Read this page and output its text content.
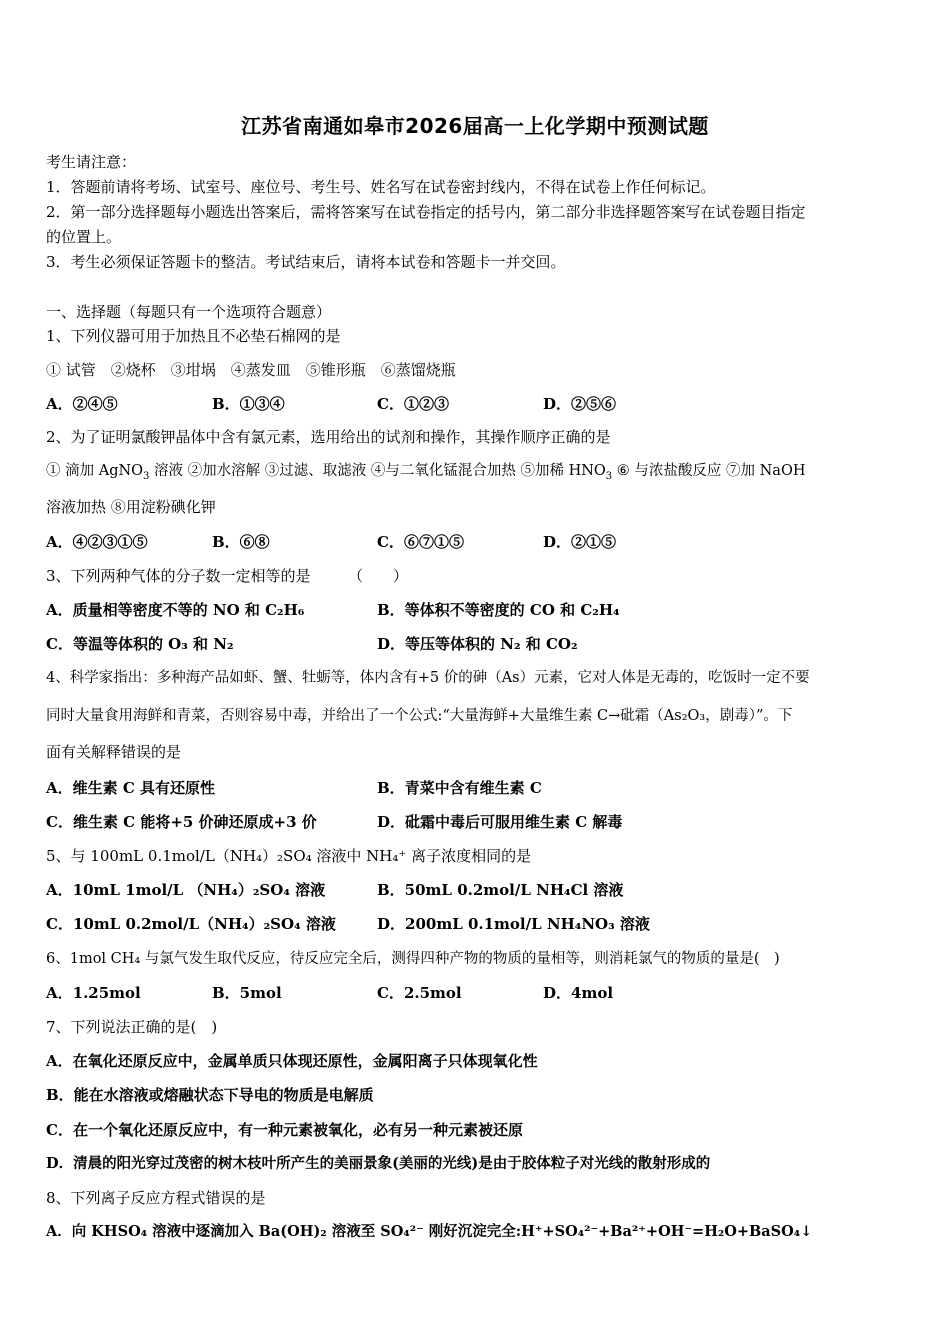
江苏省南通如皋市2026届高一上化学期中预测试题
考生请注意：
1．答题前请将考场、试室号、座位号、考生号、姓名写在试卷密封线内，不得在试卷上作任何标记。
2．第一部分选择题每小题选出答案后，需将答案写在试卷指定的括号内，第二部分非选择题答案写在试卷题目指定
的位置上。
3．考生必须保证答题卡的整洁。考试结束后，请将本试卷和答题卡一并交回。
一、选择题（每题只有一个选项符合题意）
1、下列仪器可用于加热且不必垫石棉网的是
① 试管　②烧杯　③坩埚　④蒸发皿　⑤锥形瓶　⑥蒸馏烧瓶
A．②④⑤	B．①③④	C．①②③	D．②⑤⑥
2、为了证明氯酸钾晶体中含有氯元素，选用给出的试剂和操作，其操作顺序正确的是
① 滴加 AgNO$_3$ 溶液 ②加水溶解 ③过滤、取滤液 ④与二氧化锰混合加热 ⑤加稀 $HNO_3$ ⑥ 与浓盐酸反应 ⑦加 NaOH
溶液加热 ⑧用淀粉碘化钾
A．④②③①⑤	B．⑥⑧	C．⑥⑦①⑤	D．②①⑤
3、下列两种气体的分子数一定相等的是　　　（　　）
A．质量相等密度不等的 NO 和 C₂H₆	B．等体积不等密度的 CO 和 C₂H₄
C．等温等体积的 O₃ 和 N₂	D．等压等体积的 N₂ 和 CO₂
4、科学家指出：多种海产品如虾、蟹、牡蛎等，体内含有+5 价的砷（As）元素，它对人体是无毒的，吃饭时一定不要
同时大量食用海鲜和青菜，否则容易中毒，并给出了一个公式:“大量海鲜+大量维生素 C→砒霜（As₂O₃，剧毒）”。下
面有关解释错误的是
A．维生素 C 具有还原性	B．青菜中含有维生素 C
C．维生素 C 能将+5 价砷还原成+3 价	D．砒霜中毒后可服用维生素 C 解毒
5、与 100mL 0.1mol/L（NH₄）₂SO₄ 溶液中 NH₄⁺ 离子浓度相同的是
A．10mL 1mol/L （NH₄）₂SO₄ 溶液	B．50mL 0.2mol/L NH₄Cl 溶液
C．10mL 0.2mol/L（NH₄）₂SO₄ 溶液	D．200mL 0.1mol/L NH₄NO₃ 溶液
6、1mol CH₄ 与氯气发生取代反应，待反应完全后，测得四种产物的物质的量相等，则消耗氯气的物质的量是(　)
A．1.25mol	B．5mol	C．2.5mol	D．4mol
7、下列说法正确的是(　)
A．在氧化还原反应中，金属单质只体现还原性，金属阳离子只体现氧化性
B．能在水溶液或熔融状态下导电的物质是电解质
C．在一个氧化还原反应中，有一种元素被氧化，必有另一种元素被还原
D．清晨的阳光穿过茂密的树木枝叶所产生的美丽景象(美丽的光线)是由于胶体粒子对光线的散射形成的
8、下列离子反应方程式错误的是
A．向 KHSO₄ 溶液中逐滴加入 Ba(OH)₂ 溶液至 SO₄²⁻ 刚好沉淀完全:H⁺+SO₄²⁻+Ba²⁺+OH⁻=H₂O+BaSO₄↓
